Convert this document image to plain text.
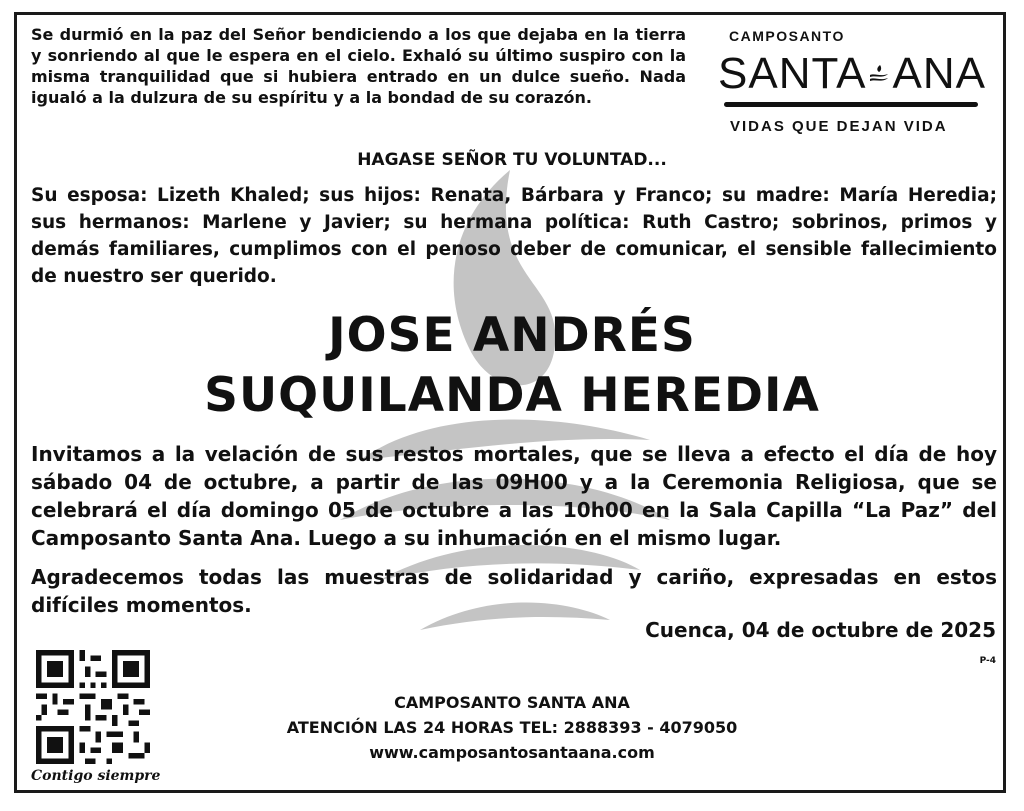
Se durmió en la paz del Señor bendiciendo a los que dejaba en la tierra y sonriendo al que le espera en el cielo. Exhaló su último suspiro con la misma tranquilidad que si hubiera entrado en un dulce sueño. Nada igualó a la dulzura de su espíritu y a la bondad de su corazón.
CAMPOSANTO
SANTA ANA
VIDAS QUE DEJAN VIDA
HAGASE SEÑOR TU VOLUNTAD...
Su esposa: Lizeth Khaled; sus hijos: Renata, Bárbara y Franco; su madre: María Heredia; sus hermanos: Marlene y Javier; su hermana política: Ruth Castro; sobrinos, primos y demás familiares, cumplimos con el penoso deber de comunicar, el sensible fallecimiento de nuestro ser querido.
JOSE ANDRÉS
SUQUILANDA HEREDIA
Invitamos a la velación de sus restos mortales, que se lleva a efecto el día de hoy sábado 04 de octubre, a partir de las 09H00 y a la Ceremonia Religiosa, que se celebrará el día domingo 05 de octubre a las 10h00 en la Sala Capilla “La Paz” del Camposanto Santa Ana. Luego a su inhumación en el mismo lugar.
Agradecemos todas las muestras de solidaridad y cariño, expresadas en estos difíciles momentos.
Cuenca, 04 de octubre de 2025
P-4
Contigo siempre
CAMPOSANTO SANTA ANA
ATENCIÓN LAS 24 HORAS TEL: 2888393 - 4079050
www.camposantosantaana.com
